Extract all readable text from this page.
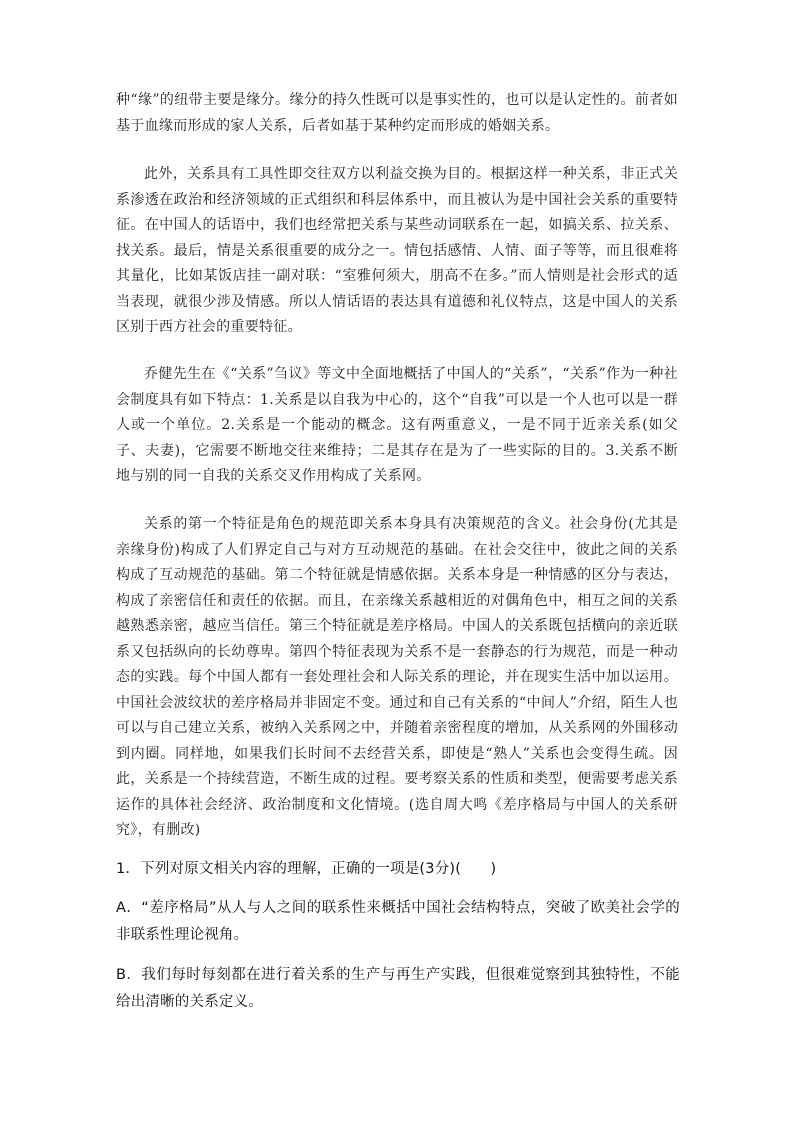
种“缘”的纽带主要是缘分。缘分的持久性既可以是事实性的，也可以是认定性的。前者如基于血缘而形成的家人关系，后者如基于某种约定而形成的婚姻关系。

此外，关系具有工具性即交往双方以利益交换为目的。根据这样一种关系，非正式关系渗透在政治和经济领域的正式组织和科层体系中，而且被认为是中国社会关系的重要特征。在中国人的话语中，我们也经常把关系与某些动词联系在一起，如搞关系、拉关系、找关系。最后，情是关系很重要的成分之一。情包括感情、人情、面子等等，而且很难将其量化，比如某饭店挂一副对联：“室雅何须大，朋高不在多。”而人情则是社会形式的适当表现，就很少涉及情感。所以人情话语的表达具有道德和礼仪特点，这是中国人的关系区别于西方社会的重要特征。

乔健先生在《“关系”刍议》等文中全面地概括了中国人的“关系”，“关系”作为一种社会制度具有如下特点：1.关系是以自我为中心的，这个“自我”可以是一个人也可以是一群人或一个单位。2.关系是一个能动的概念。这有两重意义，一是不同于近亲关系(如父子、夫妻)，它需要不断地交往来维持；二是其存在是为了一些实际的目的。3.关系不断地与别的同一自我的关系交叉作用构成了关系网。

关系的第一个特征是角色的规范即关系本身具有决策规范的含义。社会身份(尤其是亲缘身份)构成了人们界定自己与对方互动规范的基础。在社会交往中，彼此之间的关系构成了互动规范的基础。第二个特征就是情感依据。关系本身是一种情感的区分与表达，构成了亲密信任和责任的依据。而且，在亲缘关系越相近的对偶角色中，相互之间的关系越熟悉亲密，越应当信任。第三个特征就是差序格局。中国人的关系既包括横向的亲近联系又包括纵向的长幼尊卑。第四个特征表现为关系不是一套静态的行为规范，而是一种动态的实践。每个中国人都有一套处理社会和人际关系的理论，并在现实生活中加以运用。中国社会波纹状的差序格局并非固定不变。通过和自己有关系的“中间人”介绍，陌生人也可以与自己建立关系，被纳入关系网之中，并随着亲密程度的增加，从关系网的外围移动到内圈。同样地，如果我们长时间不去经营关系，即使是“熟人”关系也会变得生疏。因此，关系是一个持续营造，不断生成的过程。要考察关系的性质和类型，便需要考虑关系运作的具体社会经济、政治制度和文化情境。(选自周大鸣《差序格局与中国人的关系研究》，有删改)

1．下列对原文相关内容的理解，正确的一项是(3分)(　　)

A．“差序格局”从人与人之间的联系性来概括中国社会结构特点，突破了欧美社会学的非联系性理论视角。

B．我们每时每刻都在进行着关系的生产与再生产实践，但很难觉察到其独特性，不能给出清晰的关系定义。
